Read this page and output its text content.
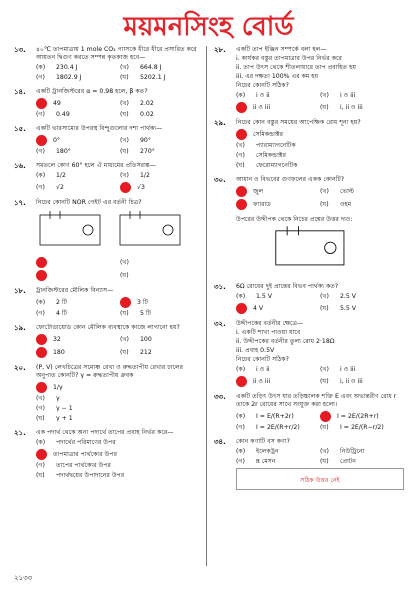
ময়মনসিংহ বোর্ড
১৩. ৪০℃ তাপমাত্রায় 1 mole CO₂ গ্যাসকে ধীরে ধীরে প্রসারিত করে আয়তন দ্বিগুণ করতে সম্পন্ন কৃতকাজ হবে—
(ক)	230.4 J	(খ)	664.8 J
(গ)	1802.9 J	(ঘ)	5202.1 J
১৪. একটি ট্রানজিস্টরের α = 0.98 হলে, β কত?
49	(খ)	2.02
(গ)	0.49	(ঘ)	0.02
১৫. একটি ভারসাম্যের উপরস্থ বিন্দুগুলোর দশা পার্থক্য—
0°	(খ)	90°
(গ)	180°	(ঘ)	270°
১৬. সমতলে কোণ 60° হলে ঐ মাধ্যমের প্রতিসরাঙ্ক—
(ক)	1/2	(খ)	1/2
(গ)	√2	√3
১৭. নিচের কোনটি NOR গেইট এর বর্তনী চিত্র?
(খ)
(ঘ)
১৮. ট্রানজিস্টরের মৌলিক বিন্যাস—
(ক)	2 টি	3 টি
(গ)	4 টি	(ঘ)	5 টি
১৯. ফোটোডায়োড কোন মৌলিক ব্যবস্থাকে কাজে লাগানো হয়?
32	(খ)	100
180	(ঘ)	212
২০. (P, V) লেখচিত্রের সমোষ্ণ রেখা ও রুদ্ধতাপীয় রেখার ঢালের অনুপাত কোনটি? γ = রুদ্ধতাপীয় ধ্রুবক
1/γ
(খ)	γ
(গ)	γ − 1
(ঘ)	γ + 1
২১. এক পদার্থ থেকে অন্য পদার্থে তাপের প্রবাহ নির্ভর করে—
(ক)	পদার্থের পরিমাণের উপর
তাপমাত্রার পার্থক্যের উপর
(গ)	তাপের পার্থক্যের উপর
(ঘ)	পদার্থদ্বয়ের উপাদানের উপর
২৮. একটি তাপ ইঞ্জিন সম্পর্কে বলা হল—
i. কার্যকর বস্তুর তাপমাত্রার উপর নির্ভর করে
ii. তাপ উৎস থেকে শীতলাধারে তাপ প্রবাহিত হয়
iii. এর দক্ষতা 100% এর কম হয়
নিচের কোনটি সঠিক?
(ক)	i ও ii	(খ)	i ও iii
ii ও iii	(ঘ)	i, ii ও iii
২৯. নিচের কোন বস্তুর সময়ের আপেক্ষিক রোধ শূন্য হয়?
সেমিকন্ডাক্টর
(খ)	প্যারাম্যাগনেটিক
(গ)	সেমিকন্ডাক্টর
(ঘ)	ফেরোম্যাগনেটিক
৩০. আধান ও বিভবের গুণফলের একক কোনটি?
জুল	(খ)	ভোল্ট
ফ্যারাড	(ঘ)	ওহম
উপরের উদ্দীপক থেকে নিচের প্রশ্নের উত্তর দাও:
৩১. 6Ω রোধের দুই প্রান্তের বিভব পার্থক্য কত?
(ক)	1.5 V	(খ)	2.5 V
4 V	(ঘ)	5.5 V
৩২. উদ্দীপকের বর্তনীর ক্ষেত্রে—
i. একটি শাখা পাওয়া যাবে
ii. উদ্দীপকের বর্তনীর তুল্য রোধ 2·18Ω
iii. প্রবাহ 0.5V
নিচের কোনটি সঠিক?
(ক)	i ও ii	(খ)	i ও iii
ii ও iii	(ঘ)	i, ii ও iii
৩৩. একটি তড়িৎ উৎস যার তড়িচ্চালক শক্তি E এবং অভ্যন্তরীণ রোধ r তাকে 2r রোধের সাথে সংযুক্ত করা হলো।
(ক)	I = E/(R+2r)	I = 2E/(2R+r)
(গ)	I = 2E/(R+r/2)	(ঘ)	I = 2E/(R−r/2)
৩৪. কোন কণাটি বস কণা?
(ক)	ইলেকট্রন	(খ)	নিউট্রিনো
(গ)	π মেসন	(ঘ)	প্রোটন
সঠিক উত্তর নেই
২১৩৩
